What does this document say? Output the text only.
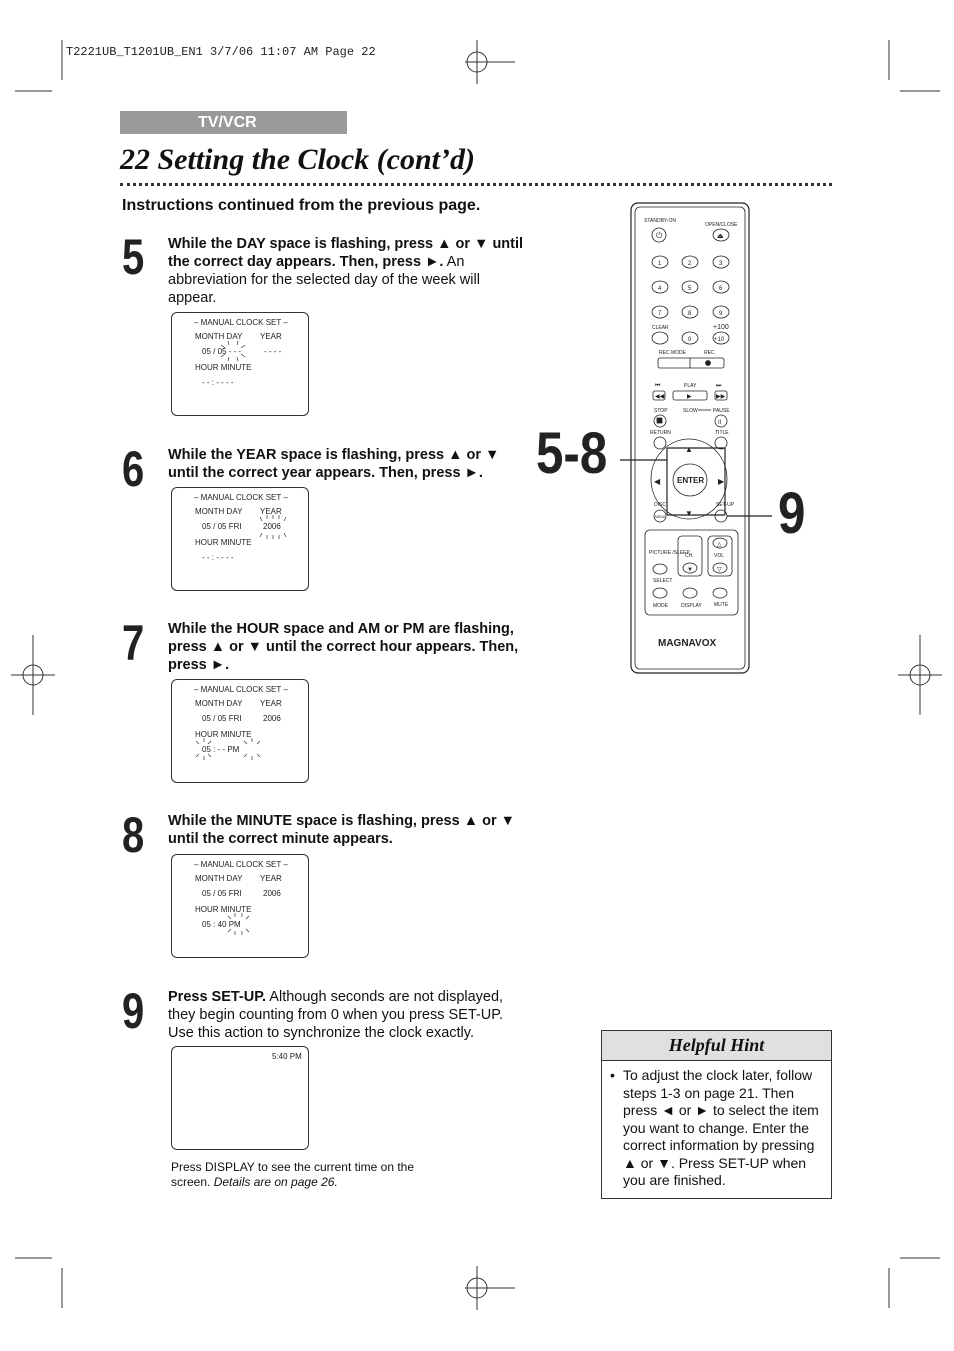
T2221UB_T1201UB_EN1 3/7/06 11:07 AM Page 22
TV/VCR
22 Setting the Clock (cont’d)
Instructions continued from the previous page.
5 While the DAY space is flashing, press ▲ or ▼ until the correct day appears. Then, press ►. An abbreviation for the selected day of the week will appear.
– MANUAL CLOCK SET –
MONTH DAY YEAR
05 / 05 - - -	- - - -
HOUR MINUTE
- - : - - - -
6 While the YEAR space is flashing, press ▲ or ▼ until the correct year appears. Then, press ►.
– MANUAL CLOCK SET –
MONTH DAY YEAR
05 / 05 FRI	2006
HOUR MINUTE
- - : - - - -
7 While the HOUR space and AM or PM are flashing, press ▲ or ▼ until the correct hour appears. Then, press ►.
– MANUAL CLOCK SET –
MONTH DAY YEAR
05 / 05 FRI	2006
HOUR MINUTE
05 : - - PM
8 While the MINUTE space is flashing, press ▲ or ▼ until the correct minute appears.
– MANUAL CLOCK SET –
MONTH DAY YEAR
05 / 05 FRI	2006
HOUR MINUTE
05 : 40 PM
9 Press SET-UP. Although seconds are not displayed, they begin counting from 0 when you press SET-UP. Use this action to synchronize the clock exactly.
5:40 PM
Press DISPLAY to see the current time on the screen. Details are on page 26.
5-8
9
STANDBY-ON
OPEN/CLOSE
⏻	⏏
1	2	3
4	5	6
7	8	9
CLEAR	+100
0	+10
REC MODE	REC
⏮	PLAY	⏭
◀◀	▶	▶▶
STOP	SLOW	PAUSE
II
RETURN	TITLE
ENTER
▲
▼
◀	▶
DISC	SET-UP
MENU
PICTURE /SLEEP
CH.	VOL
▼
△
▽
SELECT
MODE	DISPLAY MUTE
MAGNAVOX
Helpful Hint
• To adjust the clock later, follow steps 1-3 on page 21. Then press ◄ or ► to select the item you want to change. Enter the correct information by pressing ▲ or ▼. Press SET-UP when you are finished.
